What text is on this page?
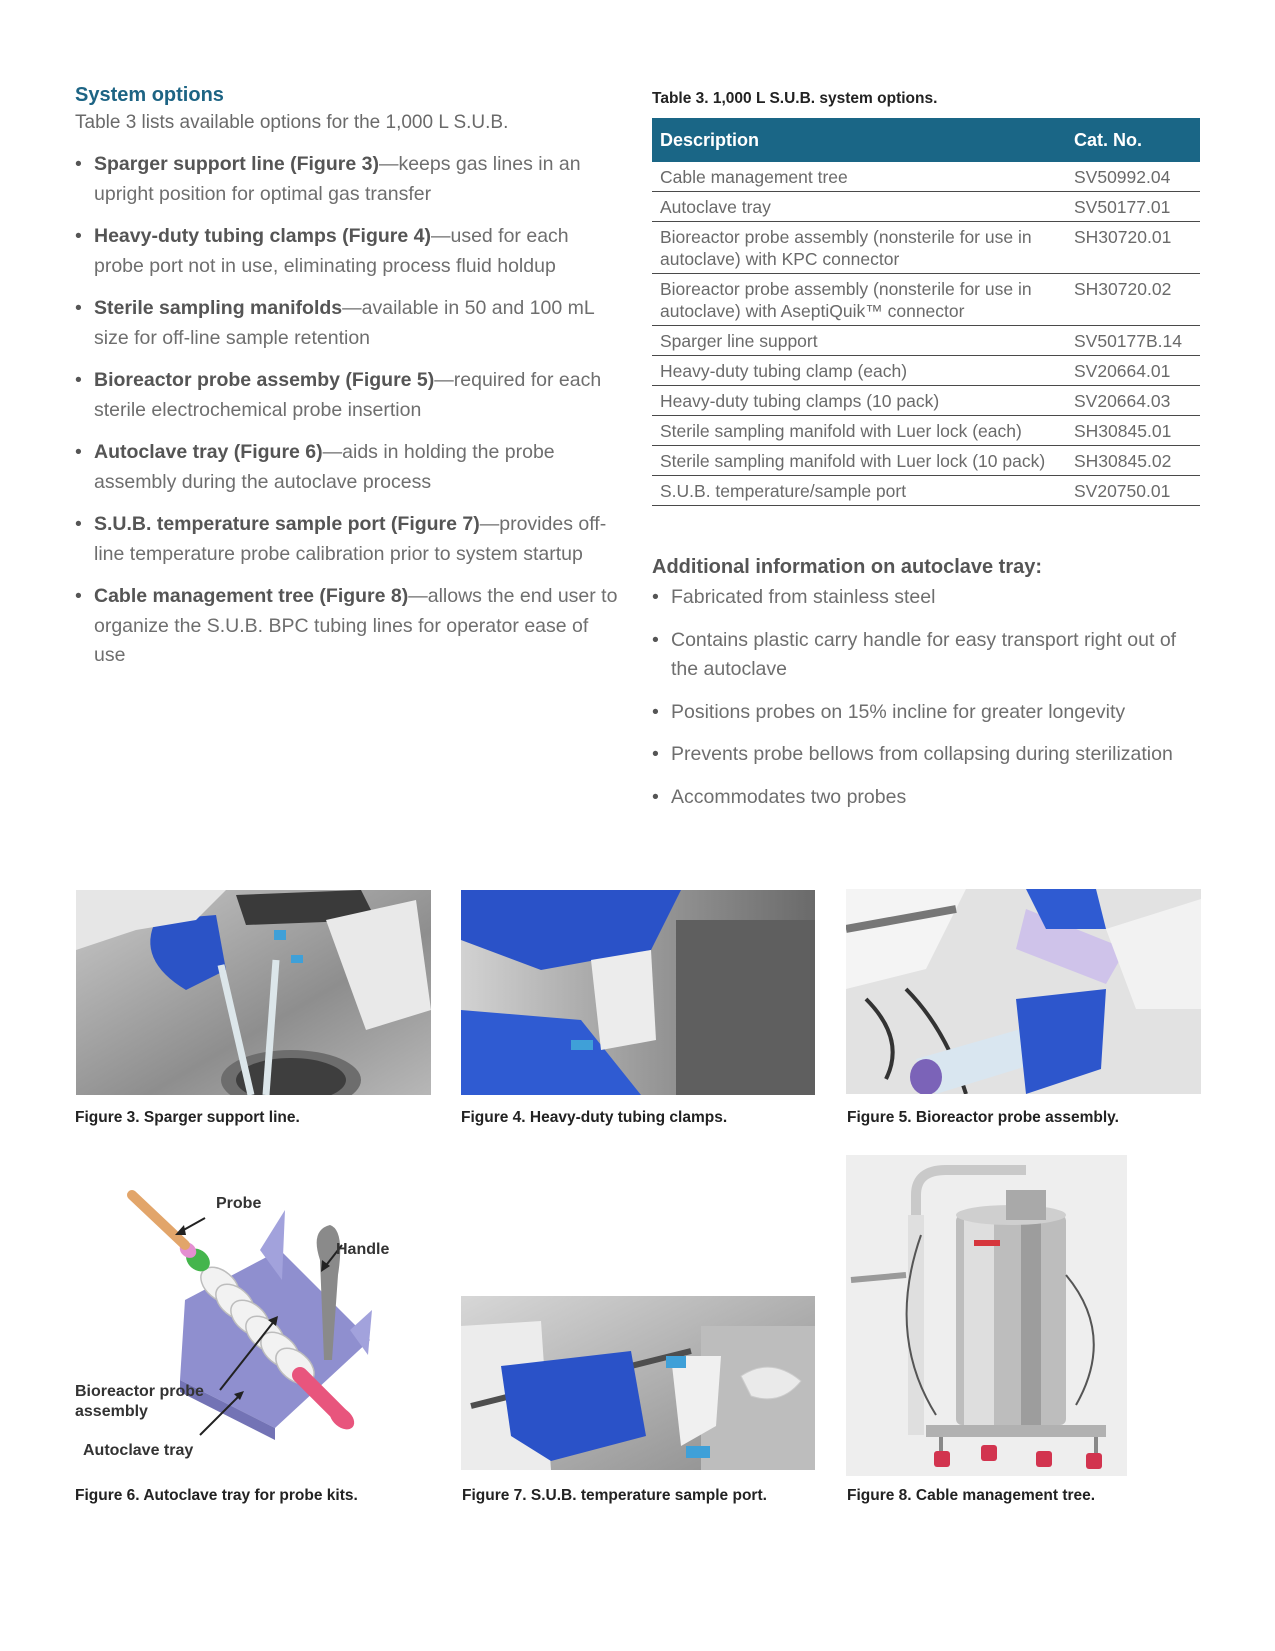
System options

Table 3 lists available options for the 1,000 L S.U.B.

• Sparger support line (Figure 3)—keeps gas lines in an upright position for optimal gas transfer
• Heavy-duty tubing clamps (Figure 4)—used for each probe port not in use, eliminating process fluid holdup
• Sterile sampling manifolds—available in 50 and 100 mL size for off-line sample retention
• Bioreactor probe assemby (Figure 5)—required for each sterile electrochemical probe insertion
• Autoclave tray (Figure 6)—aids in holding the probe assembly during the autoclave process
• S.U.B. temperature sample port (Figure 7)—provides off-line temperature probe calibration prior to system startup
• Cable management tree (Figure 8)—allows the end user to organize the S.U.B. BPC tubing lines for operator ease of use
Table 3. 1,000 L S.U.B. system options.
Description	Cat. No.
Cable management tree	SV50992.04
Autoclave tray	SV50177.01
Bioreactor probe assembly (nonsterile for use in autoclave) with KPC connector	SH30720.01
Bioreactor probe assembly (nonsterile for use in autoclave) with AseptiQuik™ connector	SH30720.02
Sparger line support	SV50177B.14
Heavy-duty tubing clamp (each)	SV20664.01
Heavy-duty tubing clamps (10 pack)	SV20664.03
Sterile sampling manifold with Luer lock (each)	SH30845.01
Sterile sampling manifold with Luer lock (10 pack)	SH30845.02
S.U.B. temperature/sample port	SV20750.01
Additional information on autoclave tray:
• Fabricated from stainless steel
• Contains plastic carry handle for easy transport right out of the autoclave
• Positions probes on 15% incline for greater longevity
• Prevents probe bellows from collapsing during sterilization
• Accommodates two probes
Figure 3. Sparger support line.	Figure 4. Heavy-duty tubing clamps.	Figure 5. Bioreactor probe assembly.
Probe
Handle
Bioreactor probe assembly
Autoclave tray
Figure 6. Autoclave tray for probe kits.	Figure 7. S.U.B. temperature sample port.	Figure 8. Cable management tree.
